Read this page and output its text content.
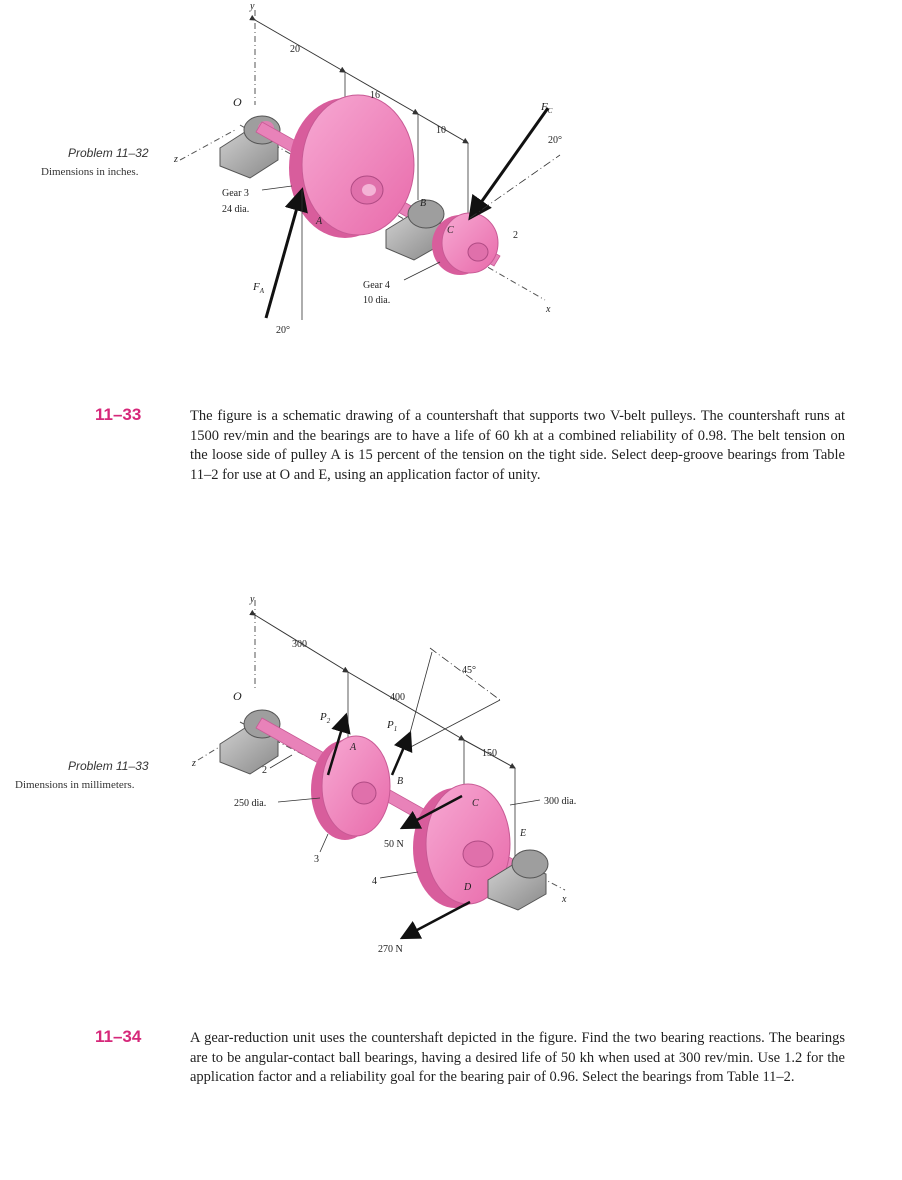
Problem 11–32
Dimensions in inches.
y
O
z
x
20
16
10
2
20°
20°
A
B
C
Gear 3
24 dia.
Gear 4
10 dia.
$F_A$
$F_C$
11–33	The figure is a schematic drawing of a countershaft that supports two V-belt pulleys. The countershaft runs at 1500 rev/min and the bearings are to have a life of 60 kh at a combined reliability of 0.98. The belt tension on the loose side of pulley A is 15 percent of the tension on the tight side. Select deep-groove bearings from Table 11–2 for use at O and E, using an application factor of unity.

Problem 11–33
Dimensions in millimeters.
y
O
z
x
300
400
150
45°
A
B
C
D
E
$P_2$	$P_1$
250 dia.	300 dia.
50 N
270 N
2
3
4
11–34	A gear-reduction unit uses the countershaft depicted in the figure. Find the two bearing reactions. The bearings are to be angular-contact ball bearings, having a desired life of 50 kh when used at 300 rev/min. Use 1.2 for the application factor and a reliability goal for the bearing pair of 0.96. Select the bearings from Table 11–2.
